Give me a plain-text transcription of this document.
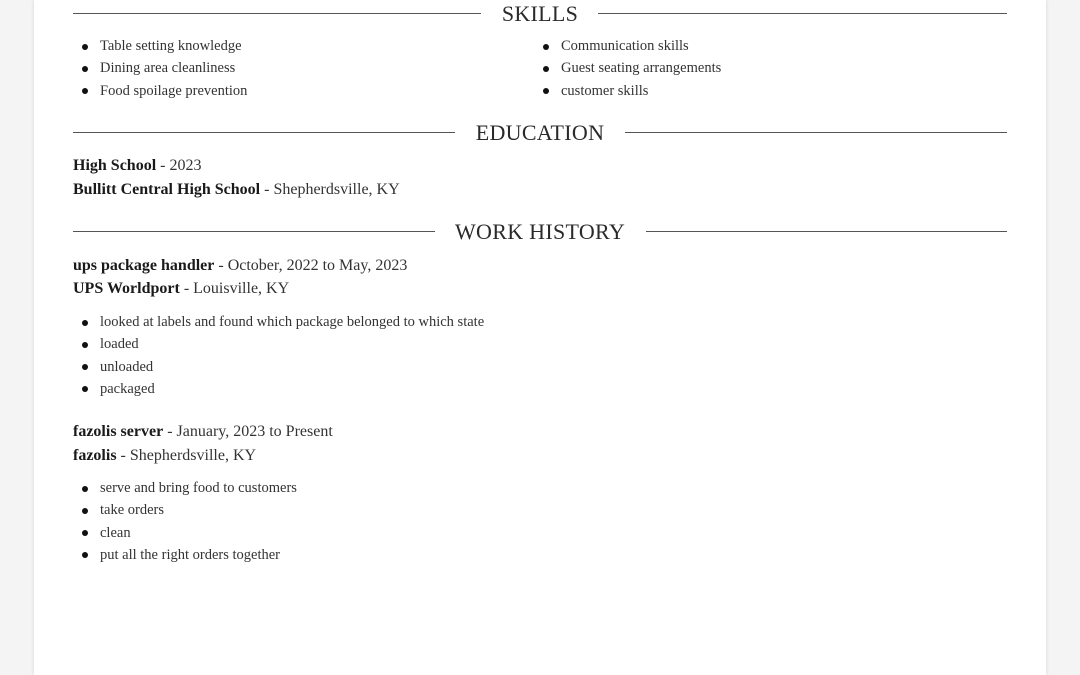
SKILLS
Table setting knowledge
Dining area cleanliness
Food spoilage prevention
Communication skills
Guest seating arrangements
customer skills
EDUCATION
High School - 2023
Bullitt Central High School - Shepherdsville, KY
WORK HISTORY
ups package handler - October, 2022 to May, 2023
UPS Worldport - Louisville, KY
looked at labels and found which package belonged to which state
loaded
unloaded
packaged
fazolis server - January, 2023 to Present
fazolis - Shepherdsville, KY
serve and bring food to customers
take orders
clean
put all the right orders together
